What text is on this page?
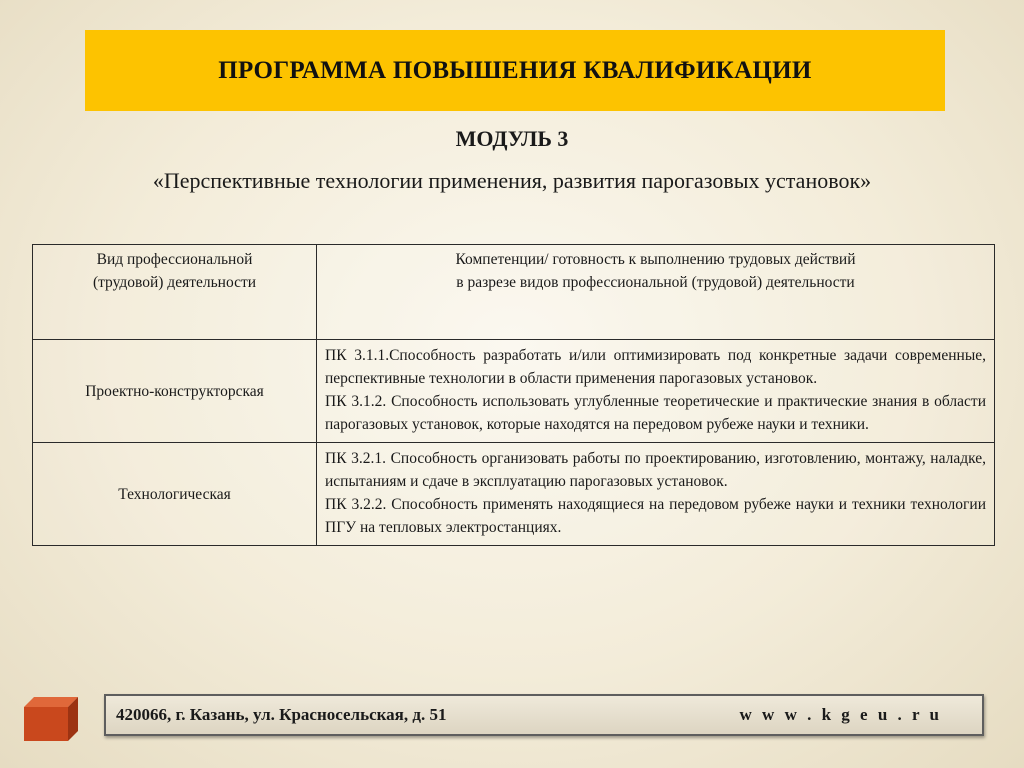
ПРОГРАММА ПОВЫШЕНИЯ КВАЛИФИКАЦИИ
МОДУЛЬ 3
«Перспективные технологии применения, развития парогазовых установок»
Вид профессиональной
(трудовой) деятельности	Компетенции/ готовность к выполнению трудовых действий
в разрезе видов профессиональной (трудовой) деятельности
Проектно-конструкторская	ПК 3.1.1.Способность разработать и/или оптимизировать под конкретные задачи современные, перспективные технологии в области применения парогазовых установок.

ПК 3.1.2. Способность использовать углубленные теоретические и практические знания в области парогазовых установок, которые находятся на передовом рубеже науки и техники.

Технологическая	ПК 3.2.1. Способность организовать работы по проектированию, изготовлению, монтажу, наладке, испытаниям и сдаче в эксплуатацию парогазовых установок.

ПК 3.2.2. Способность применять находящиеся на передовом рубеже науки и техники технологии ПГУ на тепловых электростанциях.

420066, г. Казань, ул. Красносельская, д. 51	w w w . k g e u . r u
